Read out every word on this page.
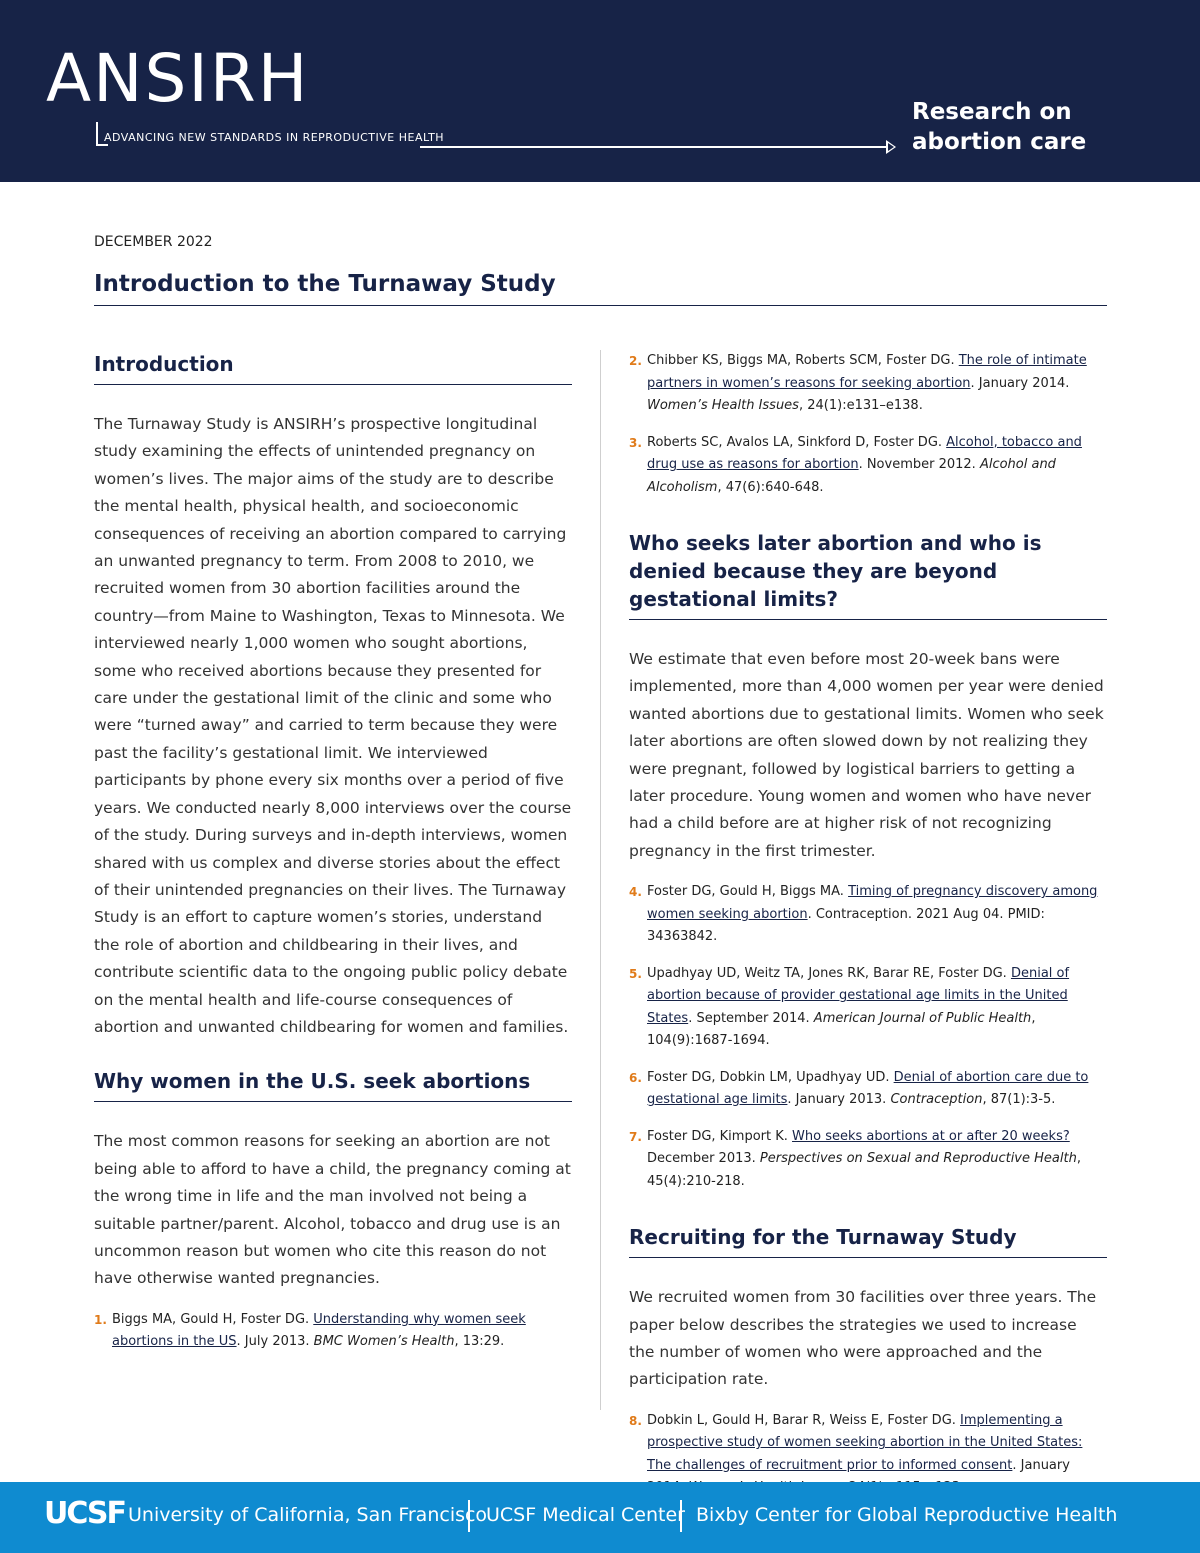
ANSIRH
ADVANCING NEW STANDARDS IN REPRODUCTIVE HEALTH
Research on
abortion care
DECEMBER 2022
Introduction to the Turnaway Study
Introduction

The Turnaway Study is ANSIRH’s prospective longitudinal study examining the effects of unintended pregnancy on women’s lives. The major aims of the study are to describe the mental health, physical health, and socioeconomic consequences of receiving an abortion compared to carrying an unwanted pregnancy to term. From 2008 to 2010, we recruited women from 30 abortion facilities around the country—from Maine to Washington, Texas to Minnesota. We interviewed nearly 1,000 women who sought abortions, some who received abortions because they presented for care under the gestational limit of the clinic and some who were “turned away” and carried to term because they were past the facility’s gestational limit. We interviewed participants by phone every six months over a period of five years. We conducted nearly 8,000 interviews over the course of the study. During surveys and in-depth interviews, women shared with us complex and diverse stories about the effect of their unintended pregnancies on their lives. The Turnaway Study is an effort to capture women’s stories, understand the role of abortion and childbearing in their lives, and contribute scientific data to the ongoing public policy debate on the mental health and life-course consequences of abortion and unwanted childbearing for women and families.

Why women in the U.S. seek abortions

The most common reasons for seeking an abortion are not being able to afford to have a child, the pregnancy coming at the wrong time in life and the man involved not being a suitable partner/parent. Alcohol, tobacco and drug use is an uncommon reason but women who cite this reason do not have otherwise wanted pregnancies.

1. Biggs MA, Gould H, Foster DG. Understanding why women seek abortions in the US. July 2013. BMC Women’s Health, 13:29.
2. Chibber KS, Biggs MA, Roberts SCM, Foster DG. The role of intimate partners in women’s reasons for seeking abortion. January 2014. Women’s Health Issues, 24(1):e131–e138.
3. Roberts SC, Avalos LA, Sinkford D, Foster DG. Alcohol, tobacco and drug use as reasons for abortion. November 2012. Alcohol and Alcoholism, 47(6):640-648.
Who seeks later abortion and who is denied because they are beyond gestational limits?

We estimate that even before most 20-week bans were implemented, more than 4,000 women per year were denied wanted abortions due to gestational limits. Women who seek later abortions are often slowed down by not realizing they were pregnant, followed by logistical barriers to getting a later procedure. Young women and women who have never had a child before are at higher risk of not recognizing pregnancy in the first trimester.

4. Foster DG, Gould H, Biggs MA. Timing of pregnancy discovery among women seeking abortion. Contraception. 2021 Aug 04. PMID: 34363842.
5. Upadhyay UD, Weitz TA, Jones RK, Barar RE, Foster DG. Denial of abortion because of provider gestational age limits in the United States. September 2014. American Journal of Public Health, 104(9):1687-1694.
6. Foster DG, Dobkin LM, Upadhyay UD. Denial of abortion care due to gestational age limits. January 2013. Contraception, 87(1):3-5.
7. Foster DG, Kimport K. Who seeks abortions at or after 20 weeks? December 2013. Perspectives on Sexual and Reproductive Health, 45(4):210-218.
Recruiting for the Turnaway Study

We recruited women from 30 facilities over three years. The paper below describes the strategies we used to increase the number of women who were approached and the participation rate.

8. Dobkin L, Gould H, Barar R, Weiss E, Foster DG. Implementing a prospective study of women seeking abortion in the United States: The challenges of recruitment prior to informed consent. January
UCSF University of California, San Francisco
UCSF Medical Center Bixby Center for Global Reproductive Health
